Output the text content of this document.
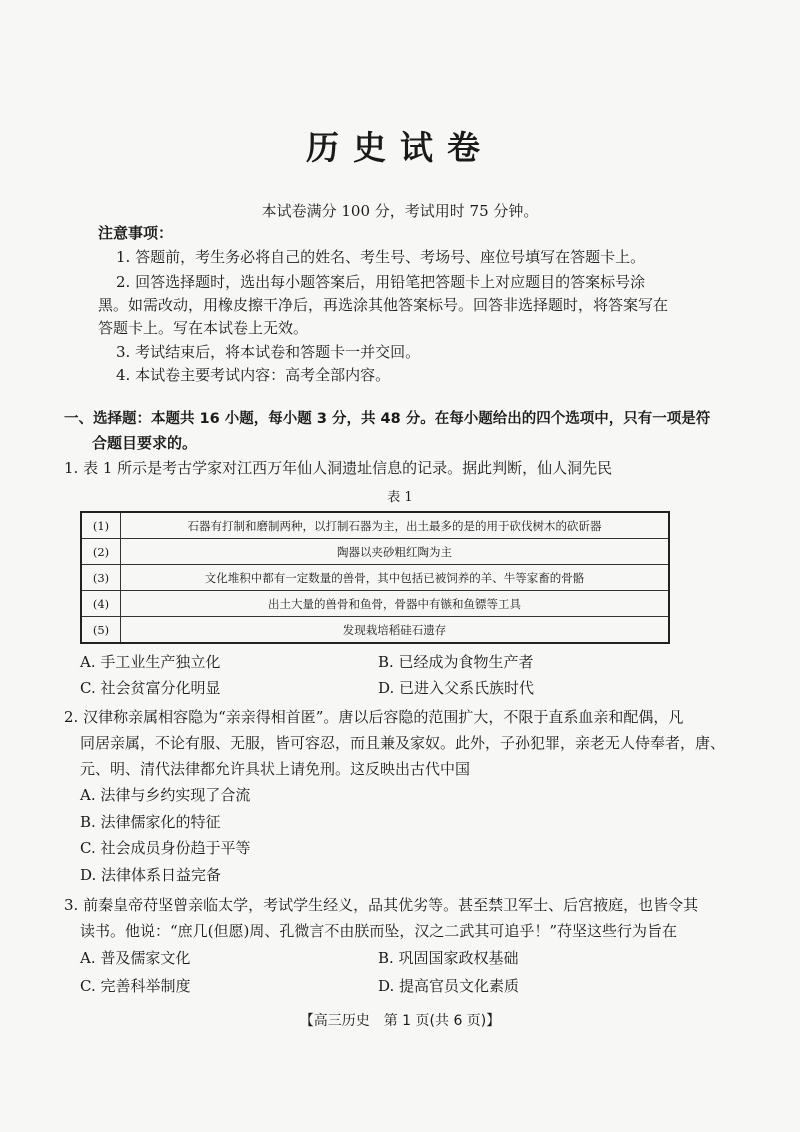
历史试卷
本试卷满分 100 分，考试用时 75 分钟。
注意事项：
1. 答题前，考生务必将自己的姓名、考生号、考场号、座位号填写在答题卡上。
2. 回答选择题时，选出每小题答案后，用铅笔把答题卡上对应题目的答案标号涂
黑。如需改动，用橡皮擦干净后，再选涂其他答案标号。回答非选择题时，将答案写在
答题卡上。写在本试卷上无效。
3. 考试结束后，将本试卷和答题卡一并交回。
4. 本试卷主要考试内容：高考全部内容。
一、选择题：本题共 16 小题，每小题 3 分，共 48 分。在每小题给出的四个选项中，只有一项是符
合题目要求的。
1. 表 1 所示是考古学家对江西万年仙人洞遗址信息的记录。据此判断，仙人洞先民
表 1
(1)	石器有打制和磨制两种，以打制石器为主，出土最多的是的用于砍伐树木的砍斫器
(2)	陶器以夹砂粗红陶为主
(3)	文化堆积中都有一定数量的兽骨，其中包括已被饲养的羊、牛等家畜的骨骼
(4)	出土大量的兽骨和鱼骨，骨器中有镞和鱼镖等工具
(5)	发现栽培稻硅石遗存
A. 手工业生产独立化	B. 已经成为食物生产者
C. 社会贫富分化明显	D. 已进入父系氏族时代
2. 汉律称亲属相容隐为“亲亲得相首匿”。唐以后容隐的范围扩大，不限于直系血亲和配偶，凡
同居亲属，不论有服、无服，皆可容忍，而且兼及家奴。此外，子孙犯罪，亲老无人侍奉者，唐、
元、明、清代法律都允许具状上请免刑。这反映出古代中国
A. 法律与乡约实现了合流
B. 法律儒家化的特征
C. 社会成员身份趋于平等
D. 法律体系日益完备
3. 前秦皇帝苻坚曾亲临太学，考试学生经义，品其优劣等。甚至禁卫军士、后宫掖庭，也皆令其
读书。他说：“庶几(但愿)周、孔微言不由朕而坠，汉之二武其可追乎！”苻坚这些行为旨在
A. 普及儒家文化	B. 巩固国家政权基础
C. 完善科举制度	D. 提高官员文化素质
【高三历史　第 1 页(共 6 页)】
